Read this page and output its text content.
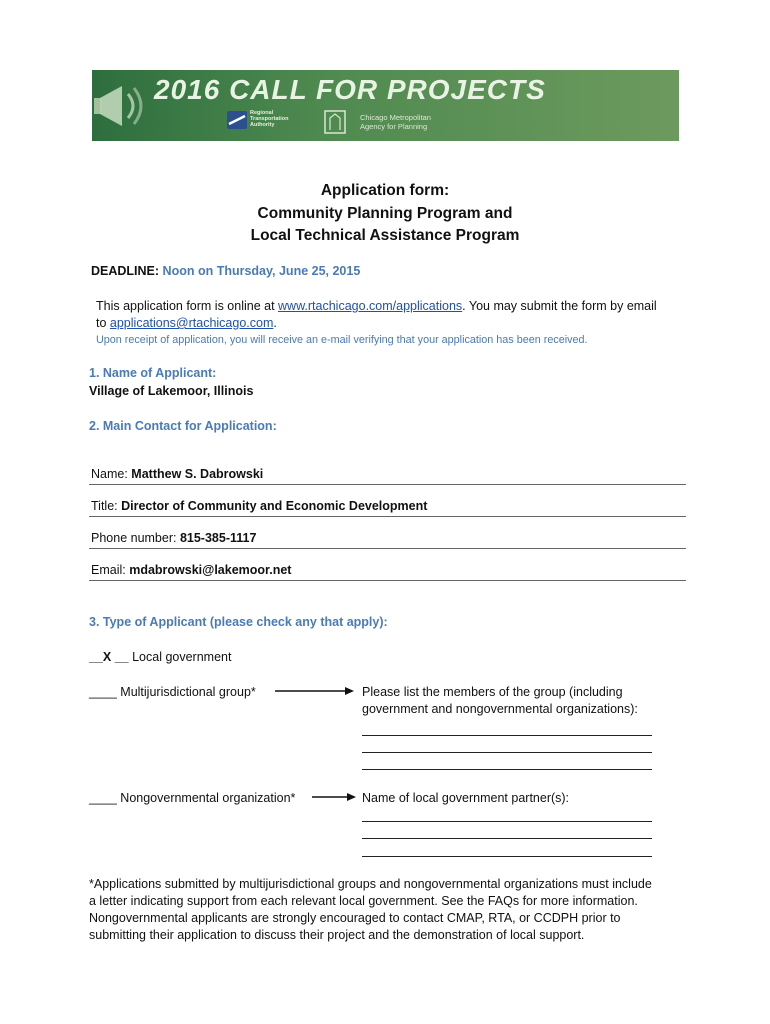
2016 CALL FOR PROJECTS
Regional Transportation Authority
Chicago Metropolitan Agency for Planning
Application form:
Community Planning Program and
Local Technical Assistance Program
DEADLINE: Noon on Thursday, June 25, 2015
This application form is online at www.rtachicago.com/applications. You may submit the form by email
to applications@rtachicago.com.
Upon receipt of application, you will receive an e-mail verifying that your application has been received.
1. Name of Applicant:
Village of Lakemoor, Illinois
2. Main Contact for Application:
Name: Matthew S. Dabrowski
Title: Director of Community and Economic Development
Phone number: 815-385-1117
Email: mdabrowski@lakemoor.net
3. Type of Applicant (please check any that apply):
__X __ Local government
____ Multijurisdictional group*	Please list the members of the group (including
government and nongovernmental organizations):
____ Nongovernmental organization*	Name of local government partner(s):
*Applications submitted by multijurisdictional groups and nongovernmental organizations must include
a letter indicating support from each relevant local government. See the FAQs for more information.
Nongovernmental applicants are strongly encouraged to contact CMAP, RTA, or CCDPH prior to
submitting their application to discuss their project and the demonstration of local support.
